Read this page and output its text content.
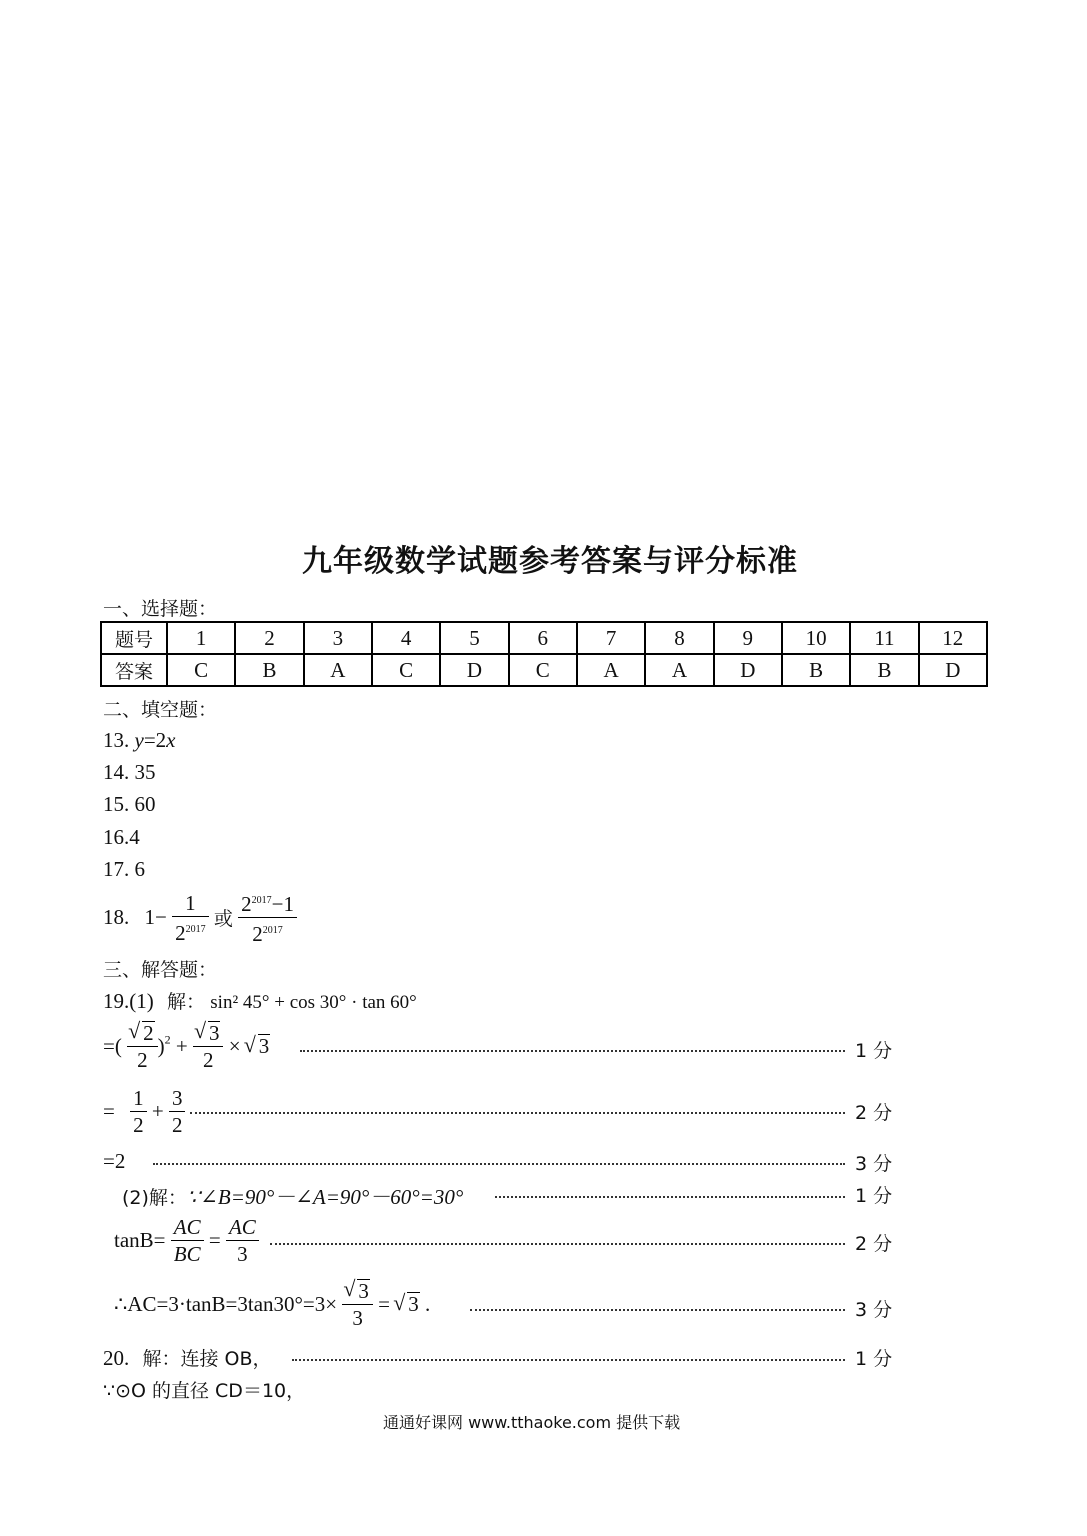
九年级数学试题参考答案与评分标准
一、选择题：
题号	1	2	3	4	5	6	7	8	9	10	11	12
答案	C	B	A	C	D	C	A	A	D	B	B	D
二、填空题：
13. y=2x
14. 35
15. 60
16.4
17. 6
18. $1- \frac{1}{2^{2017}}$ 或 $\frac{2^{2017}-1}{2^{2017}}$
三、解答题：
19.(1) 解： sin² 45° + cos 30° · tan 60°
=( √ $\frac{2}{2} )^2$ + √ $\frac{3}{2}$ × √ 3	1 分
= $\frac{1}{2} + \frac{3}{2}$	2 分
=2	3 分
(2)解：∵∠B=90°－∠A=90°－60°=30°	1 分
$\tan B= \frac{AC}{BC} = \frac{AC}{3}$	2 分
∴AC=3·tanB=3tan30°=3× √ $\frac{3}{3}$ = √ 3 .	3 分
20. 解：连接 OB，	1 分
∵⊙O 的直径 CD＝10，
通通好课网 www.tthaoke.com 提供下载
